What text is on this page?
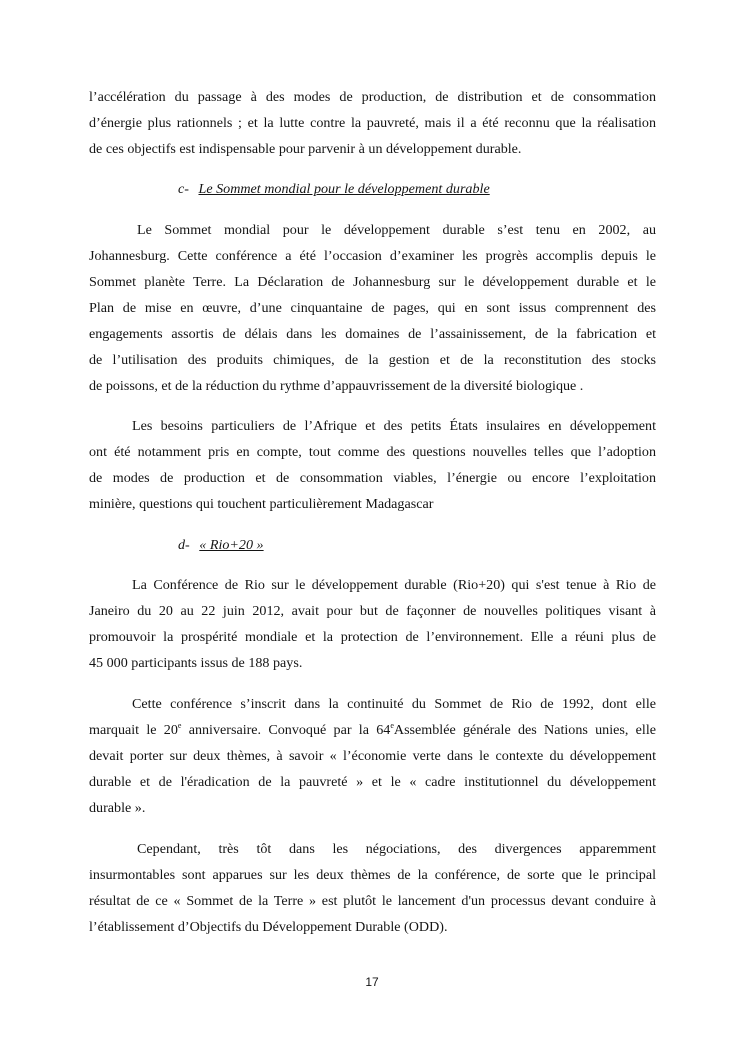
l’accélération du passage à des modes de production, de distribution et de consommation
d’énergie plus rationnels ; et la lutte contre la pauvreté, mais il a été reconnu que la réalisation
de ces objectifs est indispensable pour parvenir à un développement durable.
c- Le Sommet mondial pour le développement durable
Le Sommet mondial pour le développement durable s’est tenu en 2002, au
Johannesburg. Cette conférence a été l’occasion d’examiner les progrès accomplis depuis le
Sommet planète Terre. La Déclaration de Johannesburg sur le développement durable et le
Plan de mise en œuvre, d’une cinquantaine de pages, qui en sont issus comprennent des
engagements assortis de délais dans les domaines de l’assainissement, de la fabrication et
de l’utilisation des produits chimiques, de la gestion et de la reconstitution des stocks
de poissons, et de la réduction du rythme d’appauvrissement de la diversité biologique .
Les besoins particuliers de l’Afrique et des petits États insulaires en développement
ont été notamment pris en compte, tout comme des questions nouvelles telles que l’adoption
de modes de production et de consommation viables, l’énergie ou encore l’exploitation
minière, questions qui touchent particulièrement Madagascar
d- « Rio+20 »
La Conférence de Rio sur le développement durable (Rio+20) qui s'est tenue à Rio de
Janeiro du 20 au 22 juin 2012, avait pour but de façonner de nouvelles politiques visant à
promouvoir la prospérité mondiale et la protection de l’environnement. Elle a réuni plus de
45 000 participants issus de 188 pays.
Cette conférence s’inscrit dans la continuité du Sommet de Rio de 1992, dont elle
marquait le 20e anniversaire. Convoqué par la 64eAssemblée générale des Nations unies, elle
devait porter sur deux thèmes, à savoir « l’économie verte dans le contexte du développement
durable et de l'éradication de la pauvreté » et le « cadre institutionnel du développement
durable ».
Cependant, très tôt dans les négociations, des divergences apparemment
insurmontables sont apparues sur les deux thèmes de la conférence, de sorte que le principal
résultat de ce « Sommet de la Terre » est plutôt le lancement d'un processus devant conduire à
l’établissement d’Objectifs du Développement Durable (ODD).
17
